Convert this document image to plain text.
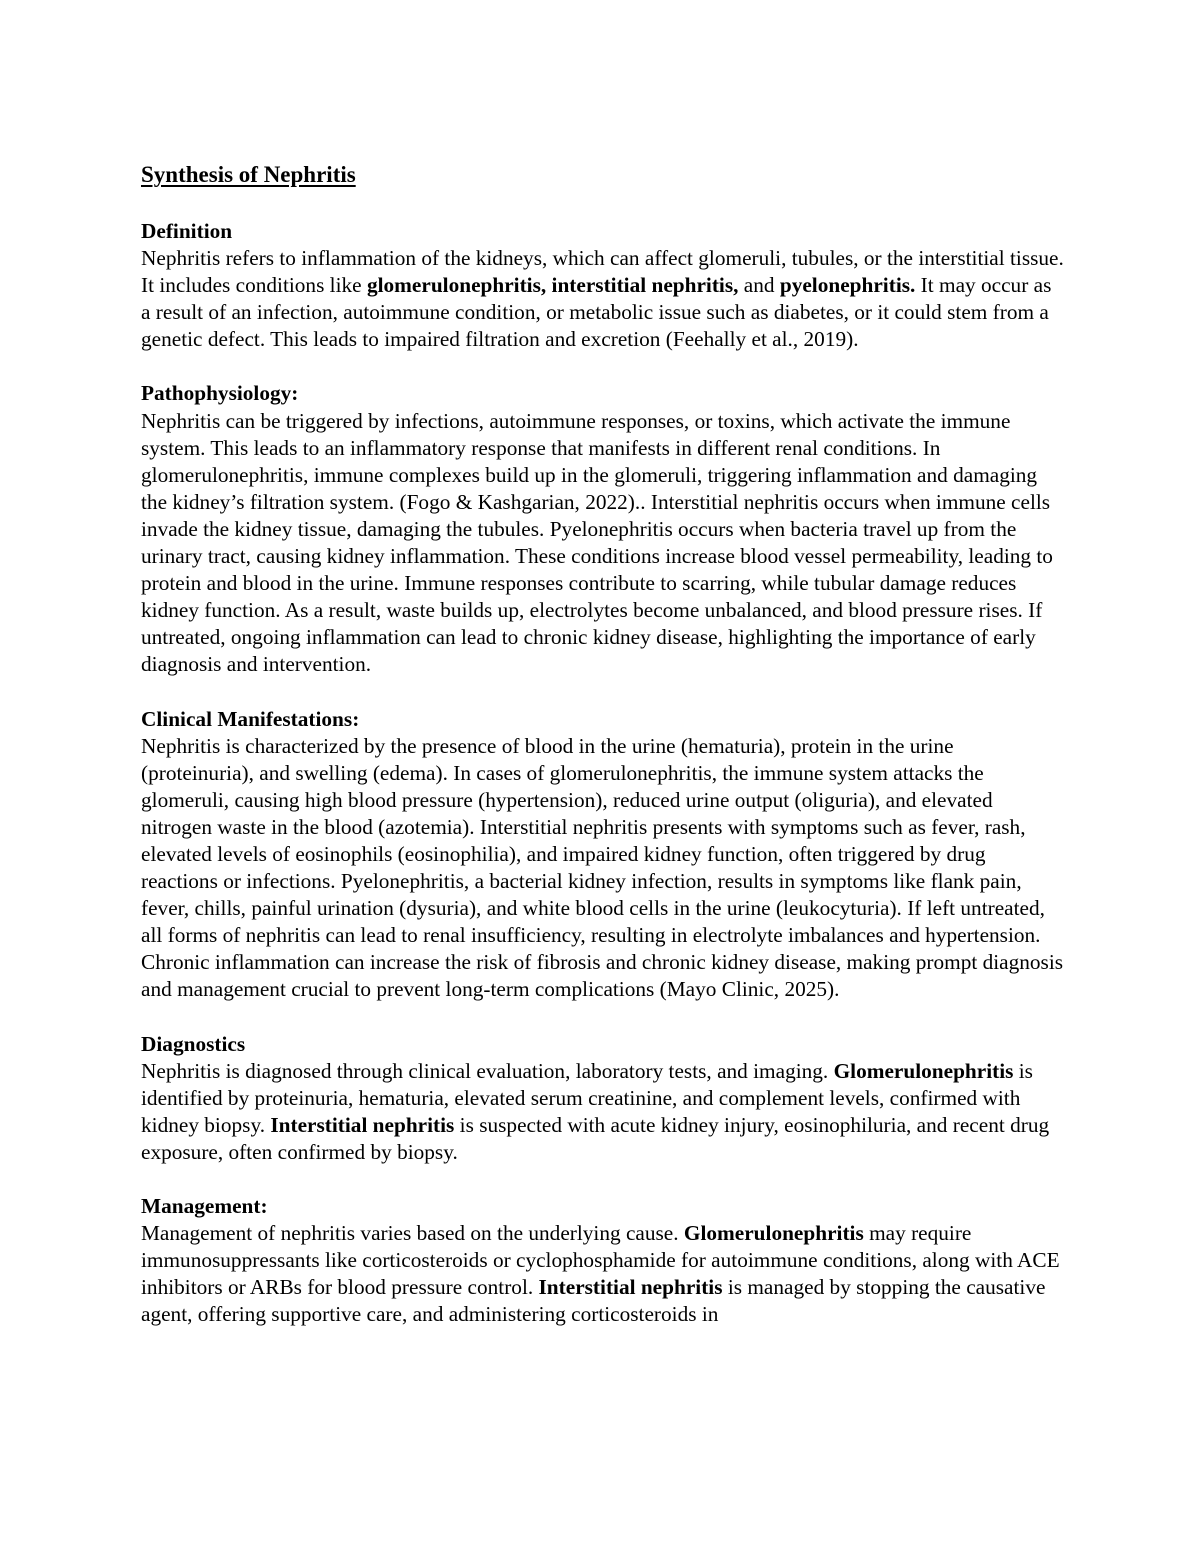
Synthesis of Nephritis
Definition

Nephritis refers to inflammation of the kidneys, which can affect glomeruli, tubules, or the interstitial tissue. It includes conditions like glomerulonephritis, interstitial nephritis, and pyelonephritis. It may occur as a result of an infection, autoimmune condition, or metabolic issue such as diabetes, or it could stem from a genetic defect. This leads to impaired filtration and excretion (Feehally et al., 2019).

Pathophysiology:

Nephritis can be triggered by infections, autoimmune responses, or toxins, which activate the immune system. This leads to an inflammatory response that manifests in different renal conditions. In glomerulonephritis, immune complexes build up in the glomeruli, triggering inflammation and damaging the kidney’s filtration system. (Fogo & Kashgarian, 2022).. Interstitial nephritis occurs when immune cells invade the kidney tissue, damaging the tubules. Pyelonephritis occurs when bacteria travel up from the urinary tract, causing kidney inflammation. These conditions increase blood vessel permeability, leading to protein and blood in the urine. Immune responses contribute to scarring, while tubular damage reduces kidney function. As a result, waste builds up, electrolytes become unbalanced, and blood pressure rises. If untreated, ongoing inflammation can lead to chronic kidney disease, highlighting the importance of early diagnosis and intervention.

Clinical Manifestations:

Nephritis is characterized by the presence of blood in the urine (hematuria), protein in the urine (proteinuria), and swelling (edema). In cases of glomerulonephritis, the immune system attacks the glomeruli, causing high blood pressure (hypertension), reduced urine output (oliguria), and elevated nitrogen waste in the blood (azotemia). Interstitial nephritis presents with symptoms such as fever, rash, elevated levels of eosinophils (eosinophilia), and impaired kidney function, often triggered by drug reactions or infections. Pyelonephritis, a bacterial kidney infection, results in symptoms like flank pain, fever, chills, painful urination (dysuria), and white blood cells in the urine (leukocyturia). If left untreated, all forms of nephritis can lead to renal insufficiency, resulting in electrolyte imbalances and hypertension. Chronic inflammation can increase the risk of fibrosis and chronic kidney disease, making prompt diagnosis and management crucial to prevent long-term complications (Mayo Clinic, 2025).

Diagnostics

Nephritis is diagnosed through clinical evaluation, laboratory tests, and imaging. Glomerulonephritis is identified by proteinuria, hematuria, elevated serum creatinine, and complement levels, confirmed with kidney biopsy. Interstitial nephritis is suspected with acute kidney injury, eosinophiluria, and recent drug exposure, often confirmed by biopsy.

Management:

Management of nephritis varies based on the underlying cause. Glomerulonephritis may require immunosuppressants like corticosteroids or cyclophosphamide for autoimmune conditions, along with ACE inhibitors or ARBs for blood pressure control. Interstitial nephritis is managed by stopping the causative agent, offering supportive care, and administering corticosteroids in
